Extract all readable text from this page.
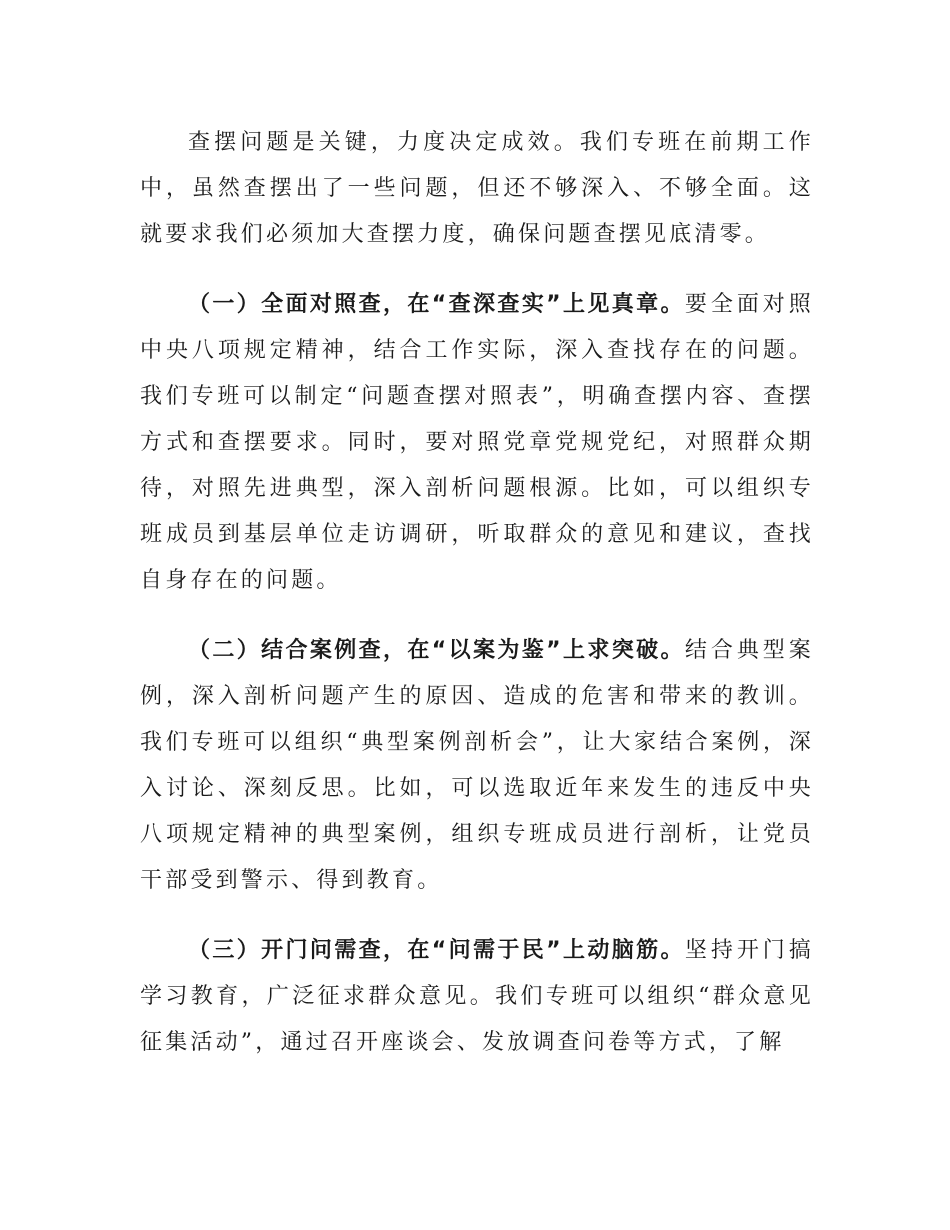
查摆问题是关键，力度决定成效。我们专班在前期工作中，虽然查摆出了一些问题，但还不够深入、不够全面。这就要求我们必须加大查摆力度，确保问题查摆见底清零。

（一）全面对照查，在“查深查实”上见真章。要全面对照中央八项规定精神，结合工作实际，深入查找存在的问题。我们专班可以制定“问题查摆对照表”，明确查摆内容、查摆方式和查摆要求。同时，要对照党章党规党纪，对照群众期待，对照先进典型，深入剖析问题根源。比如，可以组织专班成员到基层单位走访调研，听取群众的意见和建议，查找自身存在的问题。

（二）结合案例查，在“以案为鉴”上求突破。结合典型案例，深入剖析问题产生的原因、造成的危害和带来的教训。我们专班可以组织“典型案例剖析会”，让大家结合案例，深入讨论、深刻反思。比如，可以选取近年来发生的违反中央八项规定精神的典型案例，组织专班成员进行剖析，让党员干部受到警示、得到教育。

（三）开门问需查，在“问需于民”上动脑筋。坚持开门搞学习教育，广泛征求群众意见。我们专班可以组织“群众意见征集活动”，通过召开座谈会、发放调查问卷等方式，了解
